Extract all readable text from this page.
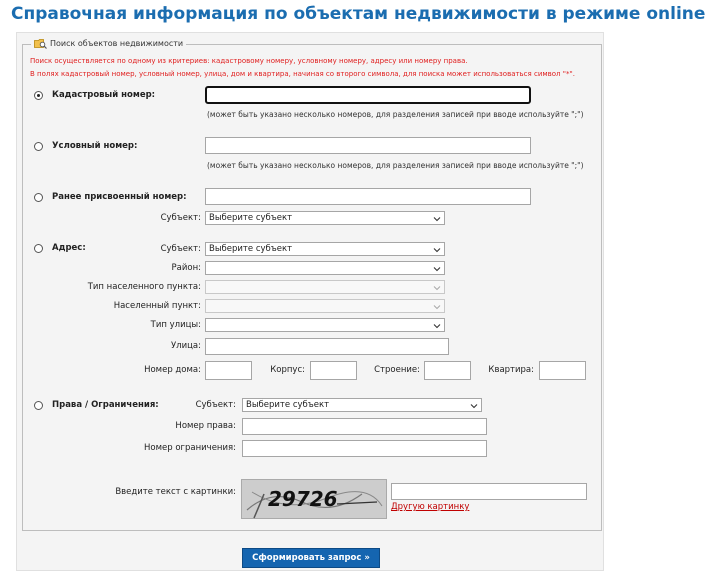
Справочная информация по объектам недвижимости в режиме online
Поиск объектов недвижимости
Поиск осуществляется по одному из критериев: кадастровому номеру, условному номеру, адресу или номеру права.
В полях кадастровый номер, условный номер, улица, дом и квартира, начиная со второго символа, для поиска может использоваться символ "*".
Кадастровый номер:
(может быть указано несколько номеров, для разделения записей при вводе используйте ";")
Условный номер:
(может быть указано несколько номеров, для разделения записей при вводе используйте ";")
Ранее присвоенный номер:
Субъект: Выберите субъект
Адрес:	Субъект: Выберите субъект
Район:
Тип населенного пункта:
Населенный пункт:
Тип улицы:
Улица:
Номер дома:	Корпус:	Строение:	Квартира:
Права / Ограничения:	Субъект: Выберите субъект
Номер права:
Номер ограничения:
Введите текст с картинки: 29726	Другую картинку
Сформировать запрос »
